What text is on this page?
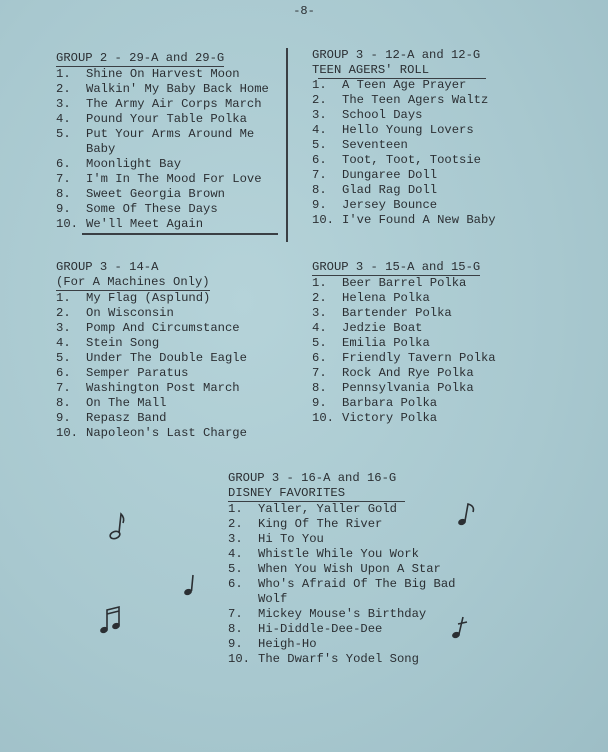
-8-
GROUP 2 - 29-A and 29-G
1.	Shine On Harvest Moon
2.	Walkin' My Baby Back Home
3.	The Army Air Corps March
4.	Pound Your Table Polka
5.	Put Your Arms Around Me
Baby
6.	Moonlight Bay
7.	I'm In The Mood For Love
8.	Sweet Georgia Brown
9.	Some Of These Days
10. We'll Meet Again
GROUP 3 - 12-A and 12-G
TEEN AGERS' ROLL
1.	A Teen Age Prayer
2.	The Teen Agers Waltz
3.	School Days
4.	Hello Young Lovers
5.	Seventeen
6.	Toot, Toot, Tootsie
7.	Dungaree Doll
8.	Glad Rag Doll
9.	Jersey Bounce
10. I've Found A New Baby
GROUP 3 - 14-A
(For A Machines Only)
1.	My Flag (Asplund)
2.	On Wisconsin
3.	Pomp And Circumstance
4.	Stein Song
5.	Under The Double Eagle
6.	Semper Paratus
7.	Washington Post March
8.	On The Mall
9.	Repasz Band
10. Napoleon's Last Charge
GROUP 3 - 15-A and 15-G
1.	Beer Barrel Polka
2.	Helena Polka
3.	Bartender Polka
4.	Jedzie Boat
5.	Emilia Polka
6.	Friendly Tavern Polka
7.	Rock And Rye Polka
8.	Pennsylvania Polka
9.	Barbara Polka
10. Victory Polka
GROUP 3 - 16-A and 16-G
DISNEY FAVORITES
1.	Yaller, Yaller Gold
2.	King Of The River
3.	Hi To You
4.	Whistle While You Work
5.	When You Wish Upon A Star
6.	Who's Afraid Of The Big Bad
Wolf
7.	Mickey Mouse's Birthday
8.	Hi-Diddle-Dee-Dee
9.	Heigh-Ho
10. The Dwarf's Yodel Song
